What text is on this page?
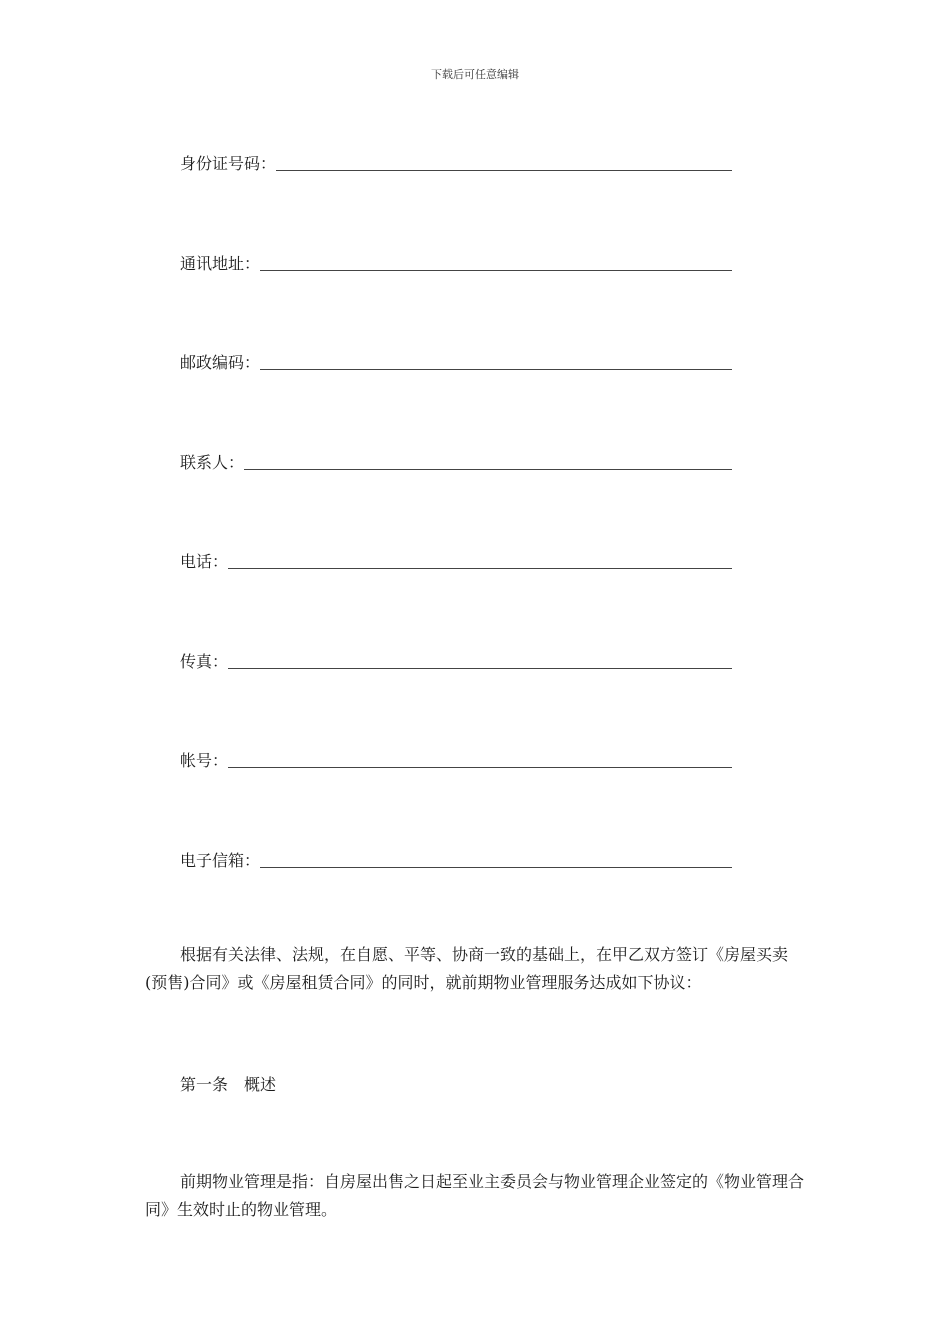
下载后可任意编辑
身份证号码：
通讯地址：
邮政编码：
联系人：
电话：
传真：
帐号：
电子信箱：

根据有关法律、法规，在自愿、平等、协商一致的基础上，在甲乙双方签订《房屋买卖(预售)合同》或《房屋租赁合同》的同时，就前期物业管理服务达成如下协议：

第一条　概述

前期物业管理是指：自房屋出售之日起至业主委员会与物业管理企业签定的《物业管理合同》生效时止的物业管理。
